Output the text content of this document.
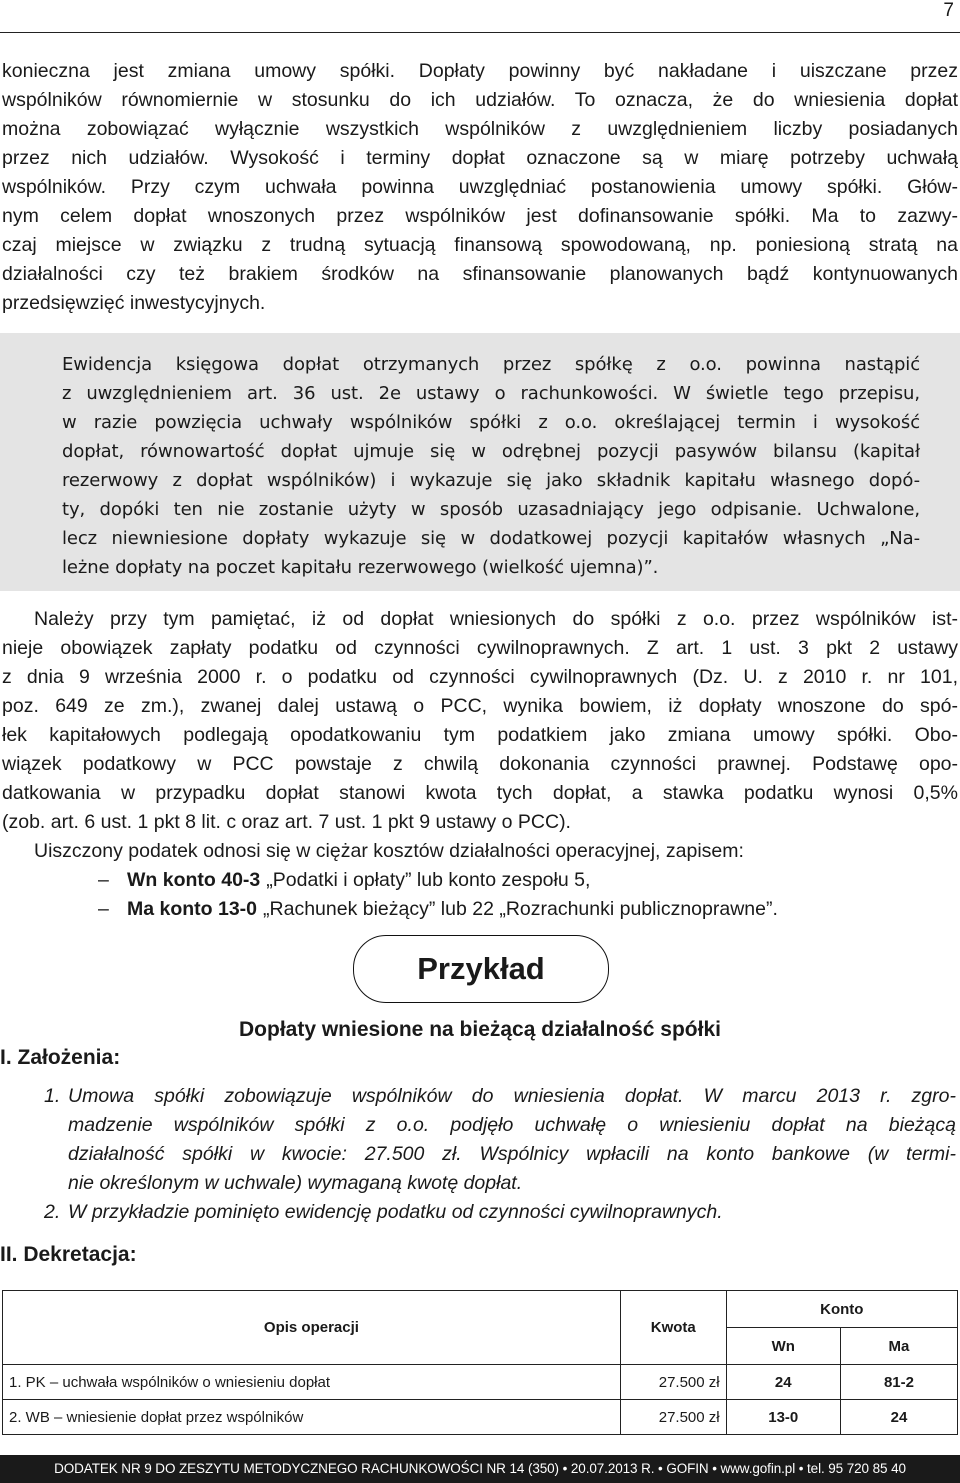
7
konieczna jest zmiana umowy spółki. Dopłaty powinny być nakładane i uiszczane przez
wspólników równomiernie w stosunku do ich udziałów. To oznacza, że do wniesienia dopłat
można zobowiązać wyłącznie wszystkich wspólników z uwzględnieniem liczby posiadanych
przez nich udziałów. Wysokość i terminy dopłat oznaczone są w miarę potrzeby uchwałą
wspólników. Przy czym uchwała powinna uwzględniać postanowienia umowy spółki. Głów-
nym celem dopłat wnoszonych przez wspólników jest dofinansowanie spółki. Ma to zazwy-
czaj miejsce w związku z trudną sytuacją finansową spowodowaną, np. poniesioną stratą na
działalności czy też brakiem środków na sfinansowanie planowanych bądź kontynuowanych
przedsięwzięć inwestycyjnych.
Ewidencja księgowa dopłat otrzymanych przez spółkę z o.o. powinna nastąpić
z uwzględnieniem art. 36 ust. 2e ustawy o rachunkowości. W świetle tego przepisu,
w razie powzięcia uchwały wspólników spółki z o.o. określającej termin i wysokość
dopłat, równowartość dopłat ujmuje się w odrębnej pozycji pasywów bilansu (kapitał
rezerwowy z dopłat wspólników) i wykazuje się jako składnik kapitału własnego dopó-
ty, dopóki ten nie zostanie użyty w sposób uzasadniający jego odpisanie. Uchwalone,
lecz niewniesione dopłaty wykazuje się w dodatkowej pozycji kapitałów własnych „Na-
leżne dopłaty na poczet kapitału rezerwowego (wielkość ujemna)”.
Należy przy tym pamiętać, iż od dopłat wniesionych do spółki z o.o. przez wspólników ist-
nieje obowiązek zapłaty podatku od czynności cywilnoprawnych. Z art. 1 ust. 3 pkt 2 ustawy
z dnia 9 września 2000 r. o podatku od czynności cywilnoprawnych (Dz. U. z 2010 r. nr 101,
poz. 649 ze zm.), zwanej dalej ustawą o PCC, wynika bowiem, iż dopłaty wnoszone do spó-
łek kapitałowych podlegają opodatkowaniu tym podatkiem jako zmiana umowy spółki. Obo-
wiązek podatkowy w PCC powstaje z chwilą dokonania czynności prawnej. Podstawę opo-
datkowania w przypadku dopłat stanowi kwota tych dopłat, a stawka podatku wynosi 0,5%
(zob. art. 6 ust. 1 pkt 8 lit. c oraz art. 7 ust. 1 pkt 9 ustawy o PCC).
Uiszczony podatek odnosi się w ciężar kosztów działalności operacyjnej, zapisem:
– Wn konto 40-3 „Podatki i opłaty” lub konto zespołu 5,
– Ma konto 13-0 „Rachunek bieżący” lub 22 „Rozrachunki publicznoprawne”.
Przykład
Dopłaty wniesione na bieżącą działalność spółki
I. Założenia:
1. Umowa spółki zobowiązuje wspólników do wniesienia dopłat. W marcu 2013 r. zgro-
madzenie wspólników spółki z o.o. podjęło uchwałę o wniesieniu dopłat na bieżącą
działalność spółki w kwocie: 27.500 zł. Wspólnicy wpłacili na konto bankowe (w termi-
nie określonym w uchwale) wymaganą kwotę dopłat.
2. W przykładzie pominięto ewidencję podatku od czynności cywilnoprawnych.
II. Dekretacja:
Opis operacji	Kwota	Konto	
		Wn	Ma
1. PK – uchwała wspólników o wniesieniu dopłat	27.500 zł	24	81-2
2. WB – wniesienie dopłat przez wspólników	27.500 zł	13-0	24
DODATEK NR 9 DO ZESZYTU METODYCZNEGO RACHUNKOWOŚCI NR 14 (350) • 20.07.2013 R. • GOFIN • www.gofin.pl • tel. 95 720 85 40
